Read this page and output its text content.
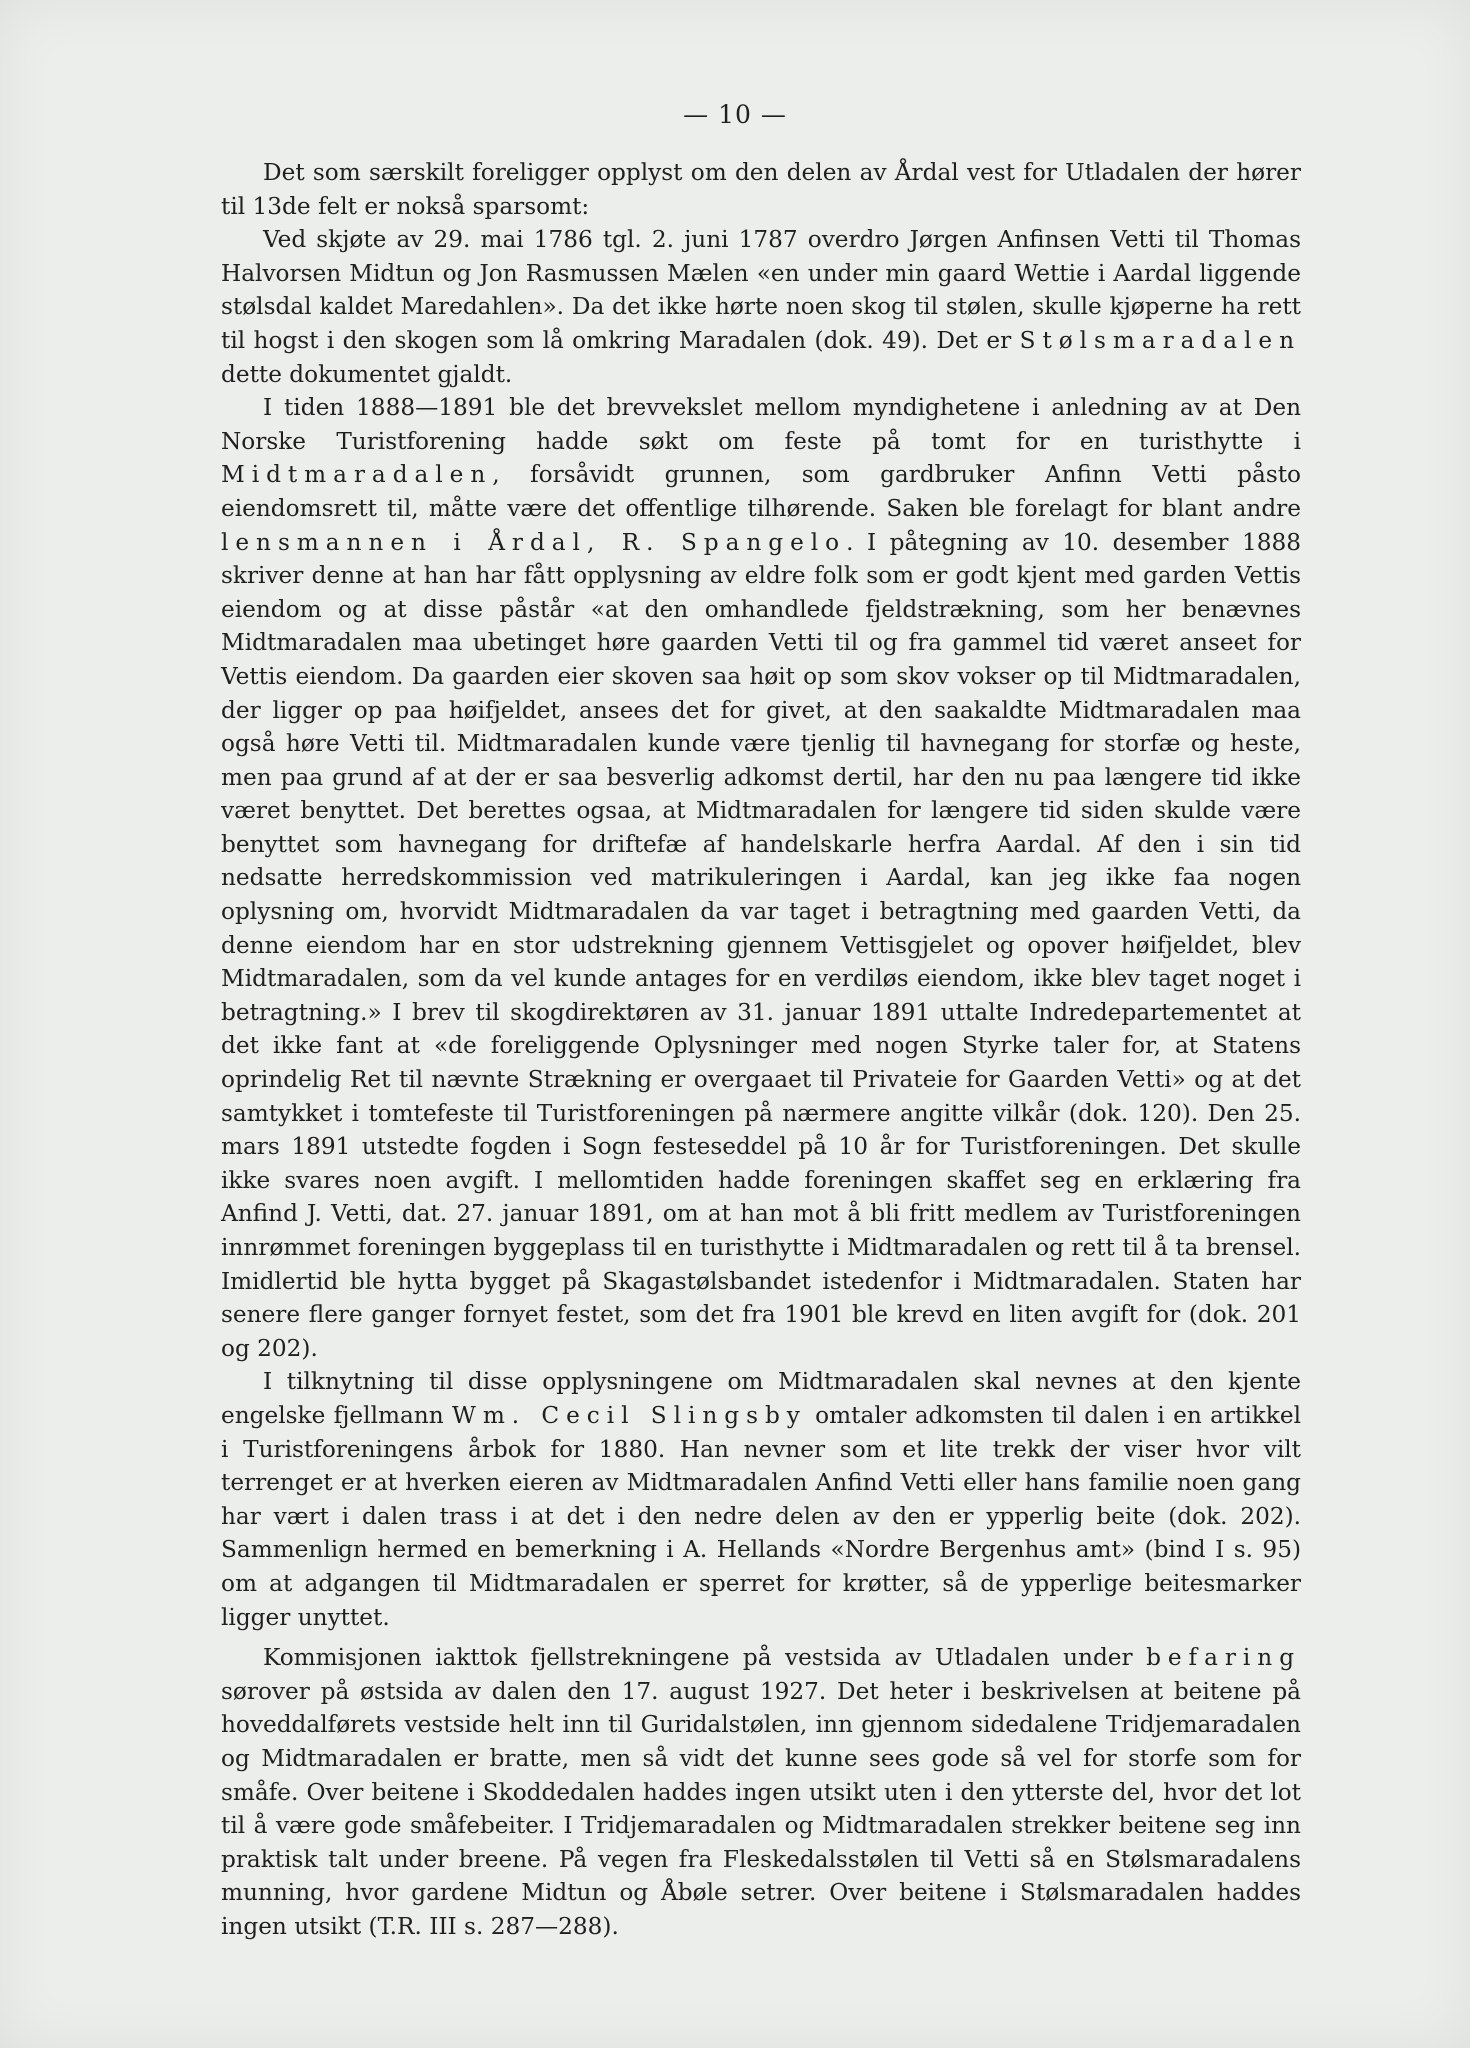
— 10 —

Det som særskilt foreligger opplyst om den delen av Årdal vest for Utladalen der hører til 13de felt er nokså sparsomt:

Ved skjøte av 29. mai 1786 tgl. 2. juni 1787 overdro Jørgen Anfinsen Vetti til Thomas Halvorsen Midtun og Jon Rasmussen Mælen «en under min gaard Wettie i Aardal liggende stølsdal kaldet Maredahlen». Da det ikke hørte noen skog til stølen, skulle kjøperne ha rett til hogst i den skogen som lå omkring Maradalen (dok. 49). Det er Stølsmaradalen dette dokumentet gjaldt.

I tiden 1888—1891 ble det brevvekslet mellom myndighetene i anledning av at Den Norske Turistforening hadde søkt om feste på tomt for en turisthytte i Midtmaradalen, forsåvidt grunnen, som gardbruker Anfinn Vetti påsto eiendomsrett til, måtte være det offentlige tilhørende. Saken ble forelagt for blant andre lensmannen i Årdal, R. Spangelo. I påtegning av 10. desember 1888 skriver denne at han har fått opplysning av eldre folk som er godt kjent med garden Vettis eiendom og at disse påstår «at den omhandlede fjeldstrækning, som her benævnes Midtmaradalen maa ubetinget høre gaarden Vetti til og fra gammel tid været anseet for Vettis eiendom. Da gaarden eier skoven saa høit op som skov vokser op til Midtmaradalen, der ligger op paa høifjeldet, ansees det for givet, at den saakaldte Midtmaradalen maa også høre Vetti til. Midtmaradalen kunde være tjenlig til havnegang for storfæ og heste, men paa grund af at der er saa besverlig adkomst dertil, har den nu paa længere tid ikke været benyttet. Det berettes ogsaa, at Midtmaradalen for længere tid siden skulde være benyttet som havnegang for driftefæ af handelskarle herfra Aardal. Af den i sin tid nedsatte herredskommission ved matrikuleringen i Aardal, kan jeg ikke faa nogen oplysning om, hvorvidt Midtmaradalen da var taget i betragtning med gaarden Vetti, da denne eiendom har en stor udstrekning gjennem Vettisgjelet og opover høifjeldet, blev Midtmaradalen, som da vel kunde antages for en verdiløs eiendom, ikke blev taget noget i betragtning.» I brev til skogdirektøren av 31. januar 1891 uttalte Indredepartementet at det ikke fant at «de foreliggende Oplysninger med nogen Styrke taler for, at Statens oprindelig Ret til nævnte Strækning er overgaaet til Privateie for Gaarden Vetti» og at det samtykket i tomtefeste til Turistforeningen på nærmere angitte vilkår (dok. 120). Den 25. mars 1891 utstedte fogden i Sogn festeseddel på 10 år for Turistforeningen. Det skulle ikke svares noen avgift. I mellomtiden hadde foreningen skaffet seg en erklæring fra Anfind J. Vetti, dat. 27. januar 1891, om at han mot å bli fritt medlem av Turistforeningen innrømmet foreningen byggeplass til en turisthytte i Midtmaradalen og rett til å ta brensel. Imidlertid ble hytta bygget på Skagastølsbandet istedenfor i Midtmaradalen. Staten har senere flere ganger fornyet festet, som det fra 1901 ble krevd en liten avgift for (dok. 201 og 202).

I tilknytning til disse opplysningene om Midtmaradalen skal nevnes at den kjente engelske fjellmann Wm. Cecil Slingsby omtaler adkomsten til dalen i en artikkel i Turistforeningens årbok for 1880. Han nevner som et lite trekk der viser hvor vilt terrenget er at hverken eieren av Midtmaradalen Anfind Vetti eller hans familie noen gang har vært i dalen trass i at det i den nedre delen av den er ypperlig beite (dok. 202). Sammenlign hermed en bemerkning i A. Hellands «Nordre Bergenhus amt» (bind I s. 95) om at adgangen til Midtmaradalen er sperret for krøtter, så de ypperlige beitesmarker ligger unyttet.

Kommisjonen iakttok fjellstrekningene på vestsida av Utladalen under befaring sørover på østsida av dalen den 17. august 1927. Det heter i beskrivelsen at beitene på hoveddalførets vestside helt inn til Guridalstølen, inn gjennom sidedalene Tridjemaradalen og Midtmaradalen er bratte, men så vidt det kunne sees gode så vel for storfe som for småfe. Over beitene i Skoddedalen haddes ingen utsikt uten i den ytterste del, hvor det lot til å være gode småfebeiter. I Tridjemaradalen og Midtmaradalen strekker beitene seg inn praktisk talt under breene. På vegen fra Fleskedalsstølen til Vetti så en Stølsmaradalens munning, hvor gardene Midtun og Åbøle setrer. Over beitene i Stølsmaradalen haddes ingen utsikt (T.R. III s. 287—288).
